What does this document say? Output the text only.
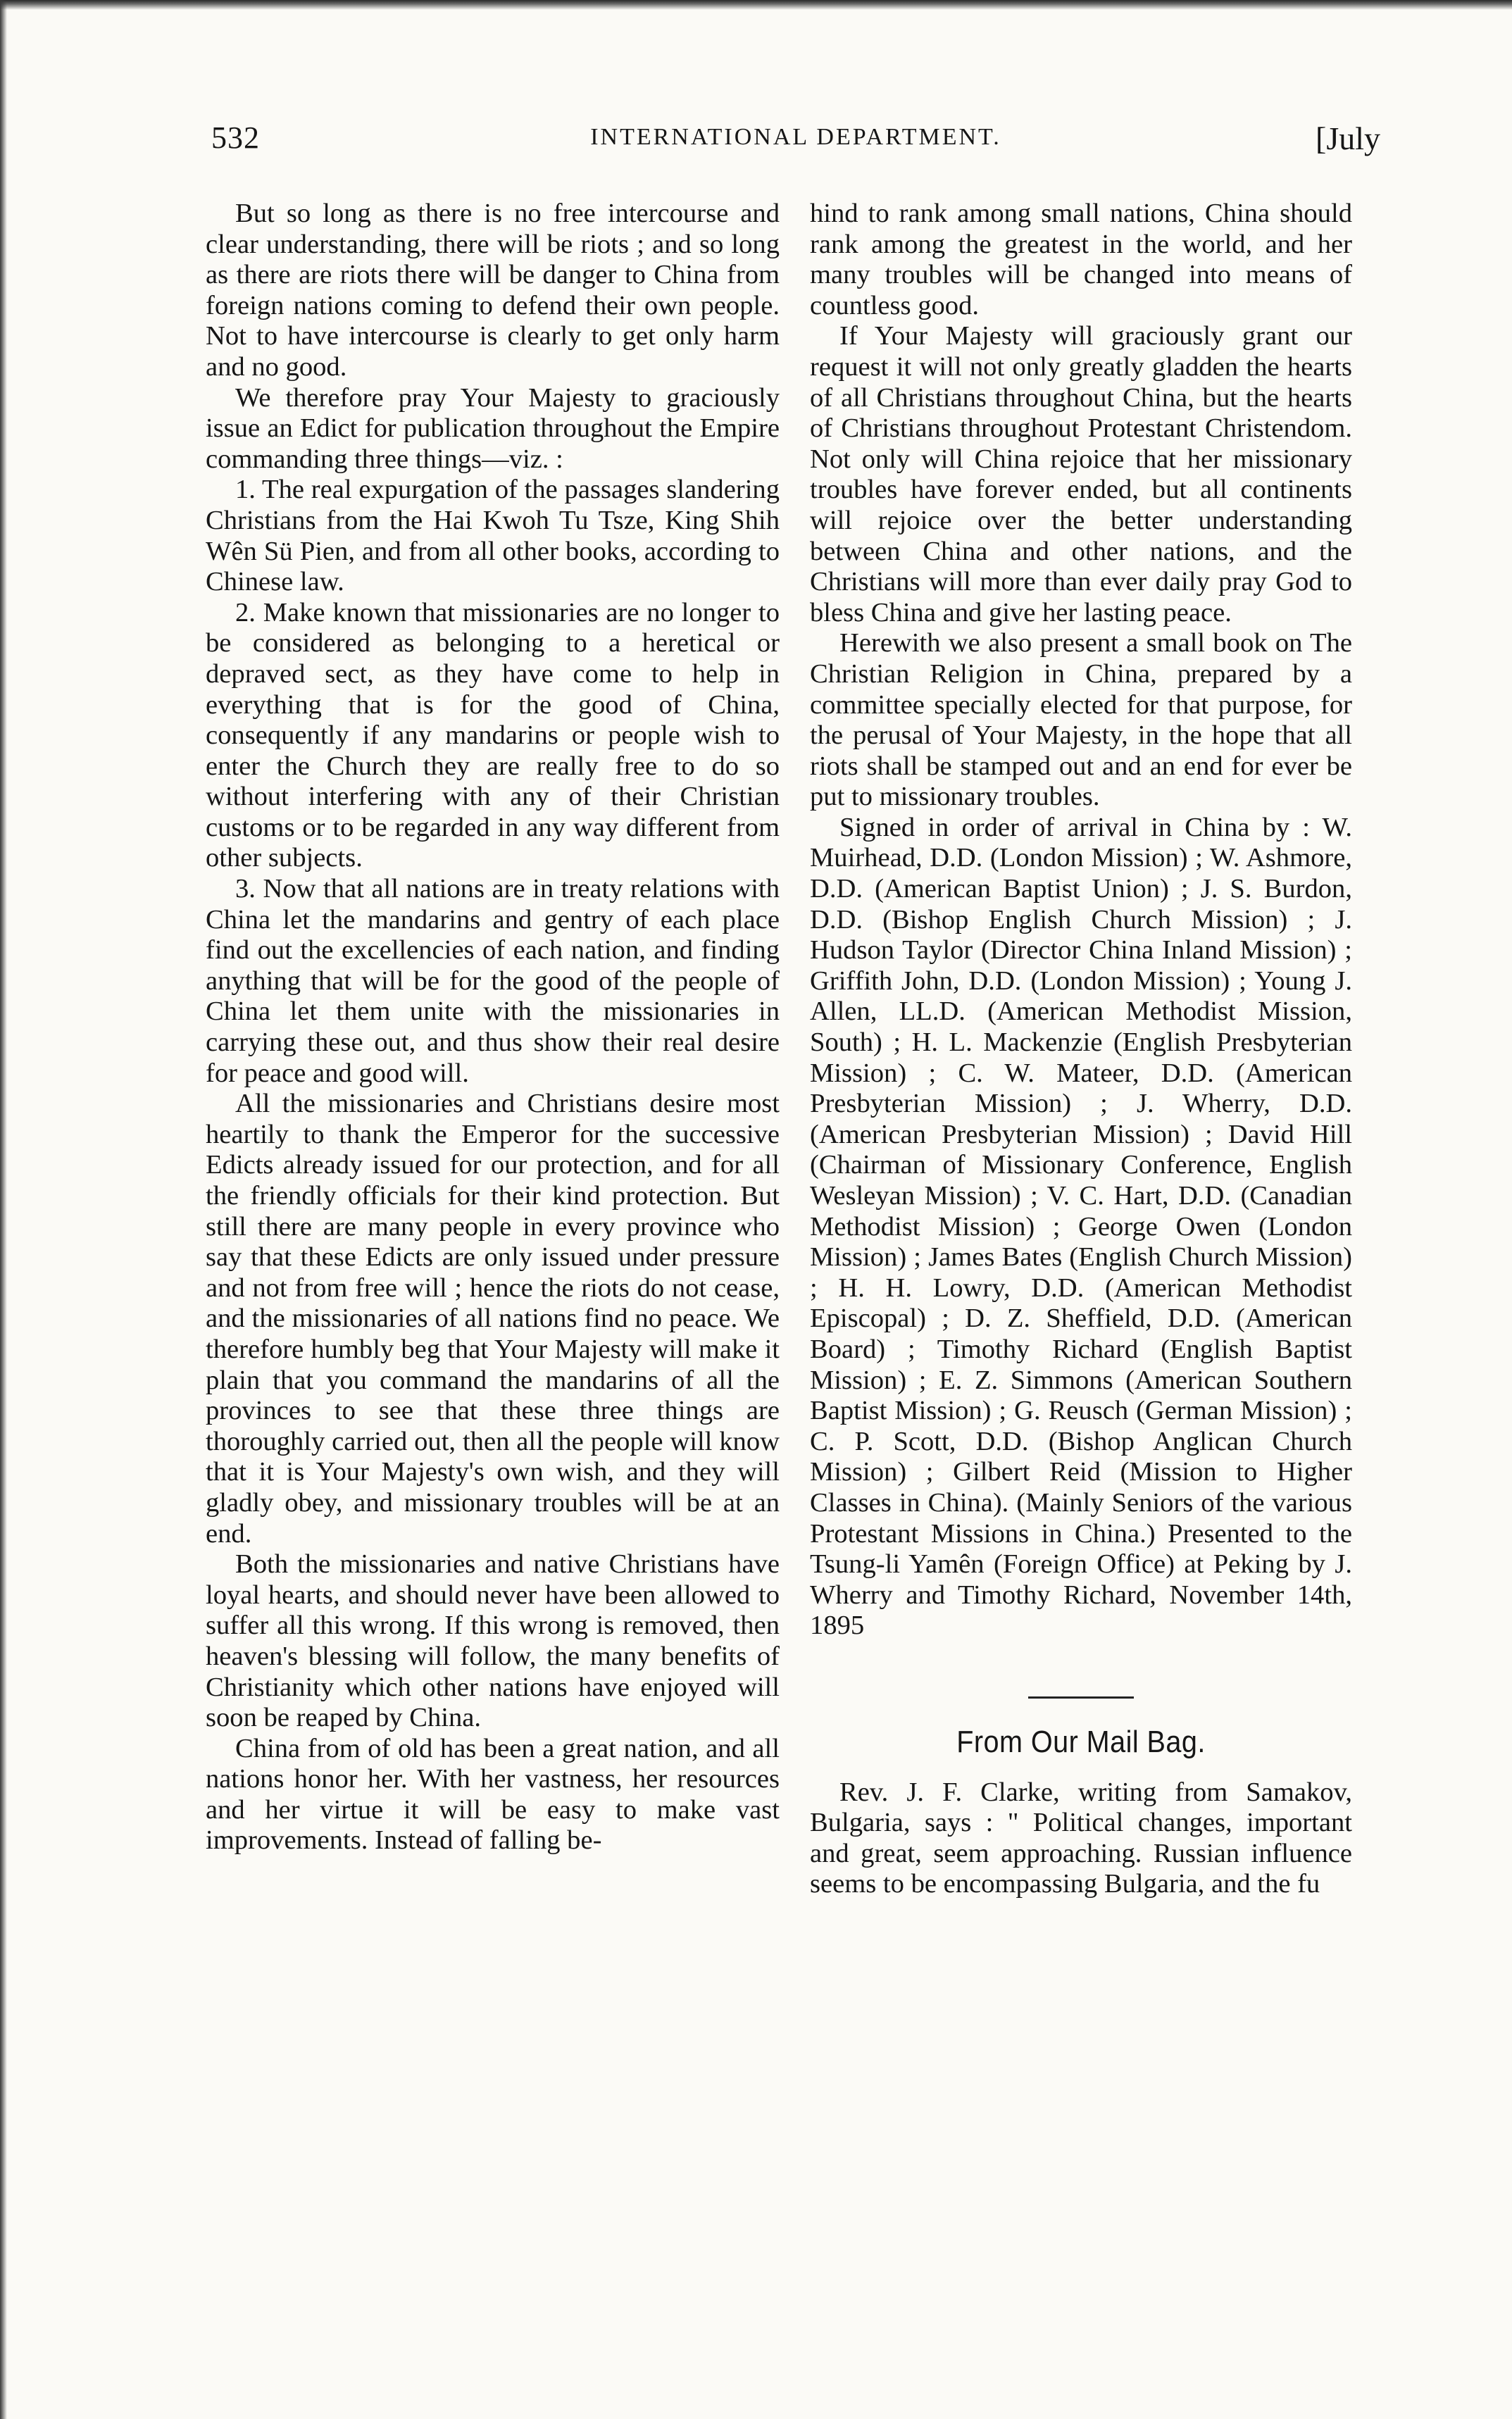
532	INTERNATIONAL DEPARTMENT.	[July

But so long as there is no free intercourse and clear understanding, there will be riots ; and so long as there are riots there will be danger to China from foreign nations coming to defend their own people. Not to have intercourse is clearly to get only harm and no good.

We therefore pray Your Majesty to graciously issue an Edict for publication throughout the Empire commanding three things—viz. :

1. The real expurgation of the passages slandering Christians from the Hai Kwoh Tu Tsze, King Shih Wên Sü Pien, and from all other books, according to Chinese law.

2. Make known that missionaries are no longer to be considered as belonging to a heretical or depraved sect, as they have come to help in everything that is for the good of China, consequently if any mandarins or people wish to enter the Church they are really free to do so without interfering with any of their Christian customs or to be regarded in any way different from other subjects.

3. Now that all nations are in treaty relations with China let the mandarins and gentry of each place find out the excellencies of each nation, and finding anything that will be for the good of the people of China let them unite with the missionaries in carrying these out, and thus show their real desire for peace and good will.

All the missionaries and Christians desire most heartily to thank the Emperor for the successive Edicts already issued for our protection, and for all the friendly officials for their kind protection. But still there are many people in every province who say that these Edicts are only issued under pressure and not from free will ; hence the riots do not cease, and the missionaries of all nations find no peace. We therefore humbly beg that Your Majesty will make it plain that you command the mandarins of all the provinces to see that these three things are thoroughly carried out, then all the people will know that it is Your Majesty's own wish, and they will gladly obey, and missionary troubles will be at an end.

Both the missionaries and native Christians have loyal hearts, and should never have been allowed to suffer all this wrong. If this wrong is removed, then heaven's blessing will follow, the many benefits of Christianity which other nations have enjoyed will soon be reaped by China.

China from of old has been a great nation, and all nations honor her. With her vastness, her resources and her virtue it will be easy to make vast improvements. Instead of falling be-

hind to rank among small nations, China should rank among the greatest in the world, and her many troubles will be changed into means of countless good.

If Your Majesty will graciously grant our request it will not only greatly gladden the hearts of all Christians throughout China, but the hearts of Christians throughout Protestant Christendom. Not only will China rejoice that her missionary troubles have forever ended, but all continents will rejoice over the better understanding between China and other nations, and the Christians will more than ever daily pray God to bless China and give her lasting peace.

Herewith we also present a small book on The Christian Religion in China, prepared by a committee specially elected for that purpose, for the perusal of Your Majesty, in the hope that all riots shall be stamped out and an end for ever be put to missionary troubles.

Signed in order of arrival in China by : W. Muirhead, D.D. (London Mission) ; W. Ashmore, D.D. (American Baptist Union) ; J. S. Burdon, D.D. (Bishop English Church Mission) ; J. Hudson Taylor (Director China Inland Mission) ; Griffith John, D.D. (London Mission) ; Young J. Allen, LL.D. (American Methodist Mission, South) ; H. L. Mackenzie (English Presbyterian Mission) ; C. W. Mateer, D.D. (American Presbyterian Mission) ; J. Wherry, D.D. (American Presbyterian Mission) ; David Hill (Chairman of Missionary Conference, English Wesleyan Mission) ; V. C. Hart, D.D. (Canadian Methodist Mission) ; George Owen (London Mission) ; James Bates (English Church Mission) ; H. H. Lowry, D.D. (American Methodist Episcopal) ; D. Z. Sheffield, D.D. (American Board) ; Timothy Richard (English Baptist Mission) ; E. Z. Simmons (American Southern Baptist Mission) ; G. Reusch (German Mission) ; C. P. Scott, D.D. (Bishop Anglican Church Mission) ; Gilbert Reid (Mission to Higher Classes in China). (Mainly Seniors of the various Protestant Missions in China.) Presented to the Tsung-li Yamên (Foreign Office) at Peking by J. Wherry and Timothy Richard, November 14th, 1895

From Our Mail Bag.

Rev. J. F. Clarke, writing from Samakov, Bulgaria, says : " Political changes, important and great, seem approaching. Russian influence seems to be encompassing Bulgaria, and the fu
